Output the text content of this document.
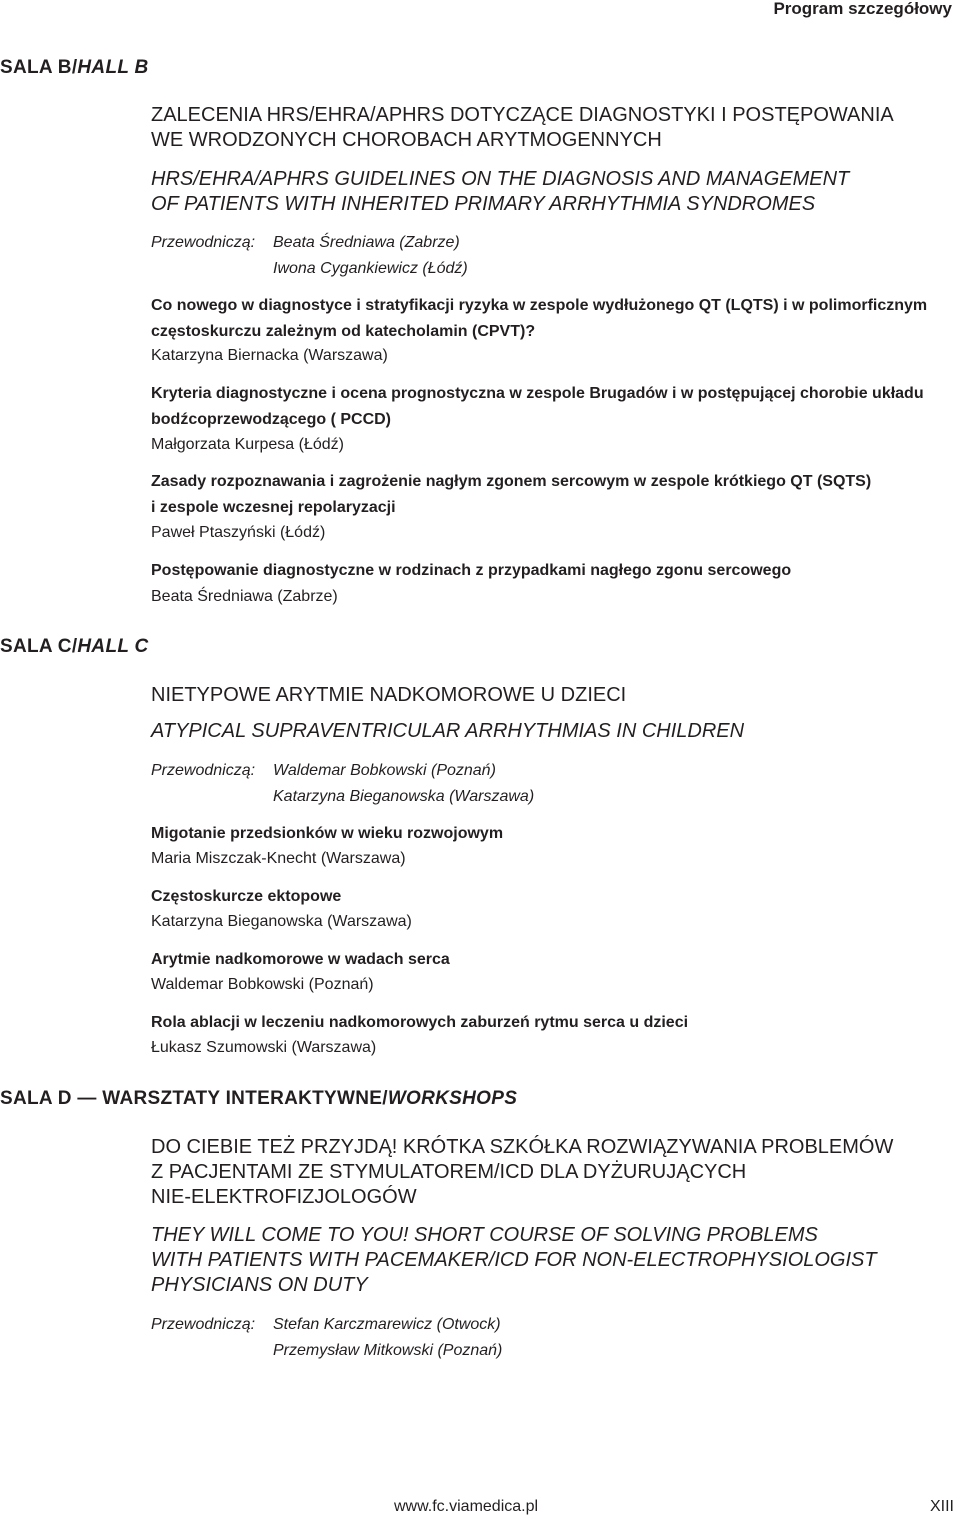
Program szczegółowy
SALA B/HALL B
ZALECENIA HRS/EHRA/APHRS DOTYCZĄCE DIAGNOSTYKI I POSTĘPOWANIA
WE WRODZONYCH CHOROBACH ARYTMOGENNYCH
HRS/EHRA/APHRS GUIDELINES ON THE DIAGNOSIS AND MANAGEMENT
OF PATIENTS WITH INHERITED PRIMARY ARRHYTHMIA SYNDROMES
Przewodniczą: Beata Średniawa (Zabrze)
Iwona Cygankiewicz (Łódź)
Co nowego w diagnostyce i stratyfikacji ryzyka w zespole wydłużonego QT (LQTS) i w polimorficznym
częstoskurczu zależnym od katecholamin (CPVT)?
Katarzyna Biernacka (Warszawa)
Kryteria diagnostyczne i ocena prognostyczna w zespole Brugadów i w postępującej chorobie układu
bodźcoprzewodzącego ( PCCD)
Małgorzata Kurpesa (Łódź)
Zasady rozpoznawania i zagrożenie nagłym zgonem sercowym w zespole krótkiego QT (SQTS)
i zespole wczesnej repolaryzacji
Paweł Ptaszyński (Łódź)
Postępowanie diagnostyczne w rodzinach z przypadkami nagłego zgonu sercowego
Beata Średniawa (Zabrze)
SALA C/HALL C
NIETYPOWE ARYTMIE NADKOMOROWE U DZIECI
ATYPICAL SUPRAVENTRICULAR ARRHYTHMIAS IN CHILDREN
Przewodniczą: Waldemar Bobkowski (Poznań)
Katarzyna Bieganowska (Warszawa)
Migotanie przedsionków w wieku rozwojowym
Maria Miszczak-Knecht (Warszawa)
Częstoskurcze ektopowe
Katarzyna Bieganowska (Warszawa)
Arytmie nadkomorowe w wadach serca
Waldemar Bobkowski (Poznań)
Rola ablacji w leczeniu nadkomorowych zaburzeń rytmu serca u dzieci
Łukasz Szumowski (Warszawa)
SALA D — WARSZTATY INTERAKTYWNE/WORKSHOPS
DO CIEBIE TEŻ PRZYJDĄ! KRÓTKA SZKÓŁKA ROZWIĄZYWANIA PROBLEMÓW
Z PACJENTAMI ZE STYMULATOREM/ICD DLA DYŻURUJĄCYCH
NIE-ELEKTROFIZJOLOGÓW
THEY WILL COME TO YOU! SHORT COURSE OF SOLVING PROBLEMS
WITH PATIENTS WITH PACEMAKER/ICD FOR NON-ELECTROPHYSIOLOGIST
PHYSICIANS ON DUTY
Przewodniczą: Stefan Karczmarewicz (Otwock)
Przemysław Mitkowski (Poznań)
www.fc.viamedica.pl	XIII
